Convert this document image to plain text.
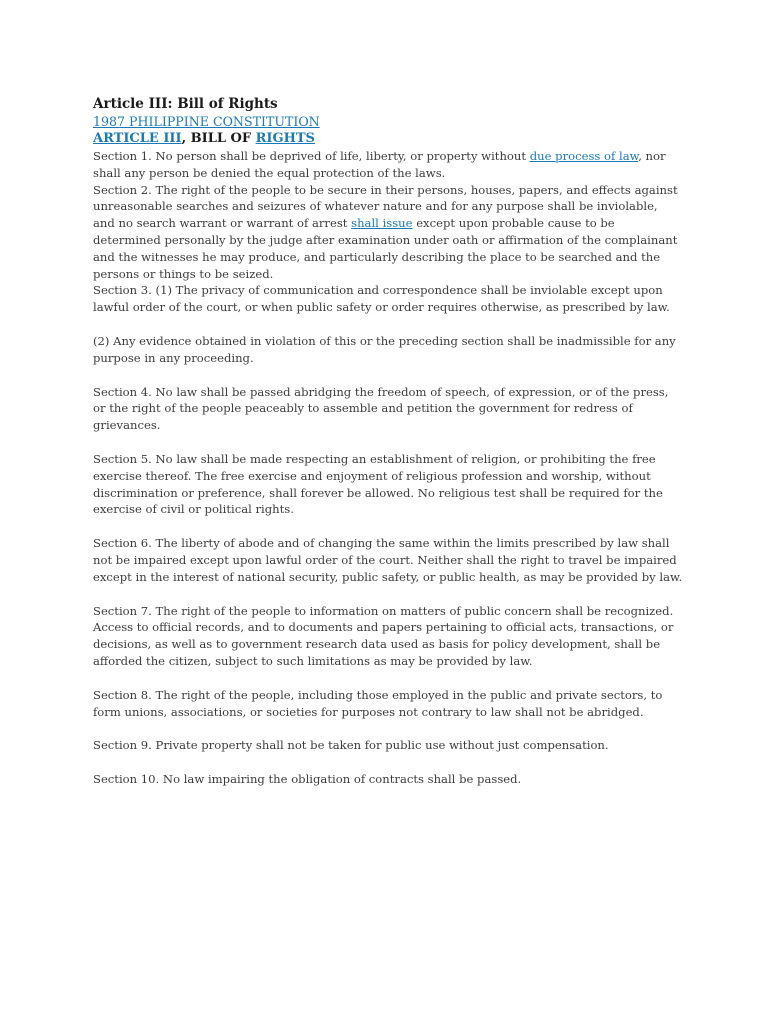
Article III: Bill of Rights

1987 PHILIPPINE CONSTITUTION

ARTICLE III, BILL OF RIGHTS

Section 1. No person shall be deprived of life, liberty, or property without due process of law, nor shall any person be denied the equal protection of the laws.

Section 2. The right of the people to be secure in their persons, houses, papers, and effects against unreasonable searches and seizures of whatever nature and for any purpose shall be inviolable, and no search warrant or warrant of arrest shall issue except upon probable cause to be determined personally by the judge after examination under oath or affirmation of the complainant and the witnesses he may produce, and particularly describing the place to be searched and the persons or things to be seized.

Section 3. (1) The privacy of communication and correspondence shall be inviolable except upon lawful order of the court, or when public safety or order requires otherwise, as prescribed by law.

(2) Any evidence obtained in violation of this or the preceding section shall be inadmissible for any purpose in any proceeding.

Section 4. No law shall be passed abridging the freedom of speech, of expression, or of the press, or the right of the people peaceably to assemble and petition the government for redress of grievances.

Section 5. No law shall be made respecting an establishment of religion, or prohibiting the free exercise thereof. The free exercise and enjoyment of religious profession and worship, without discrimination or preference, shall forever be allowed. No religious test shall be required for the exercise of civil or political rights.

Section 6. The liberty of abode and of changing the same within the limits prescribed by law shall not be impaired except upon lawful order of the court. Neither shall the right to travel be impaired except in the interest of national security, public safety, or public health, as may be provided by law.

Section 7. The right of the people to information on matters of public concern shall be recognized. Access to official records, and to documents and papers pertaining to official acts, transactions, or decisions, as well as to government research data used as basis for policy development, shall be afforded the citizen, subject to such limitations as may be provided by law.

Section 8. The right of the people, including those employed in the public and private sectors, to form unions, associations, or societies for purposes not contrary to law shall not be abridged.

Section 9. Private property shall not be taken for public use without just compensation.

Section 10. No law impairing the obligation of contracts shall be passed.
